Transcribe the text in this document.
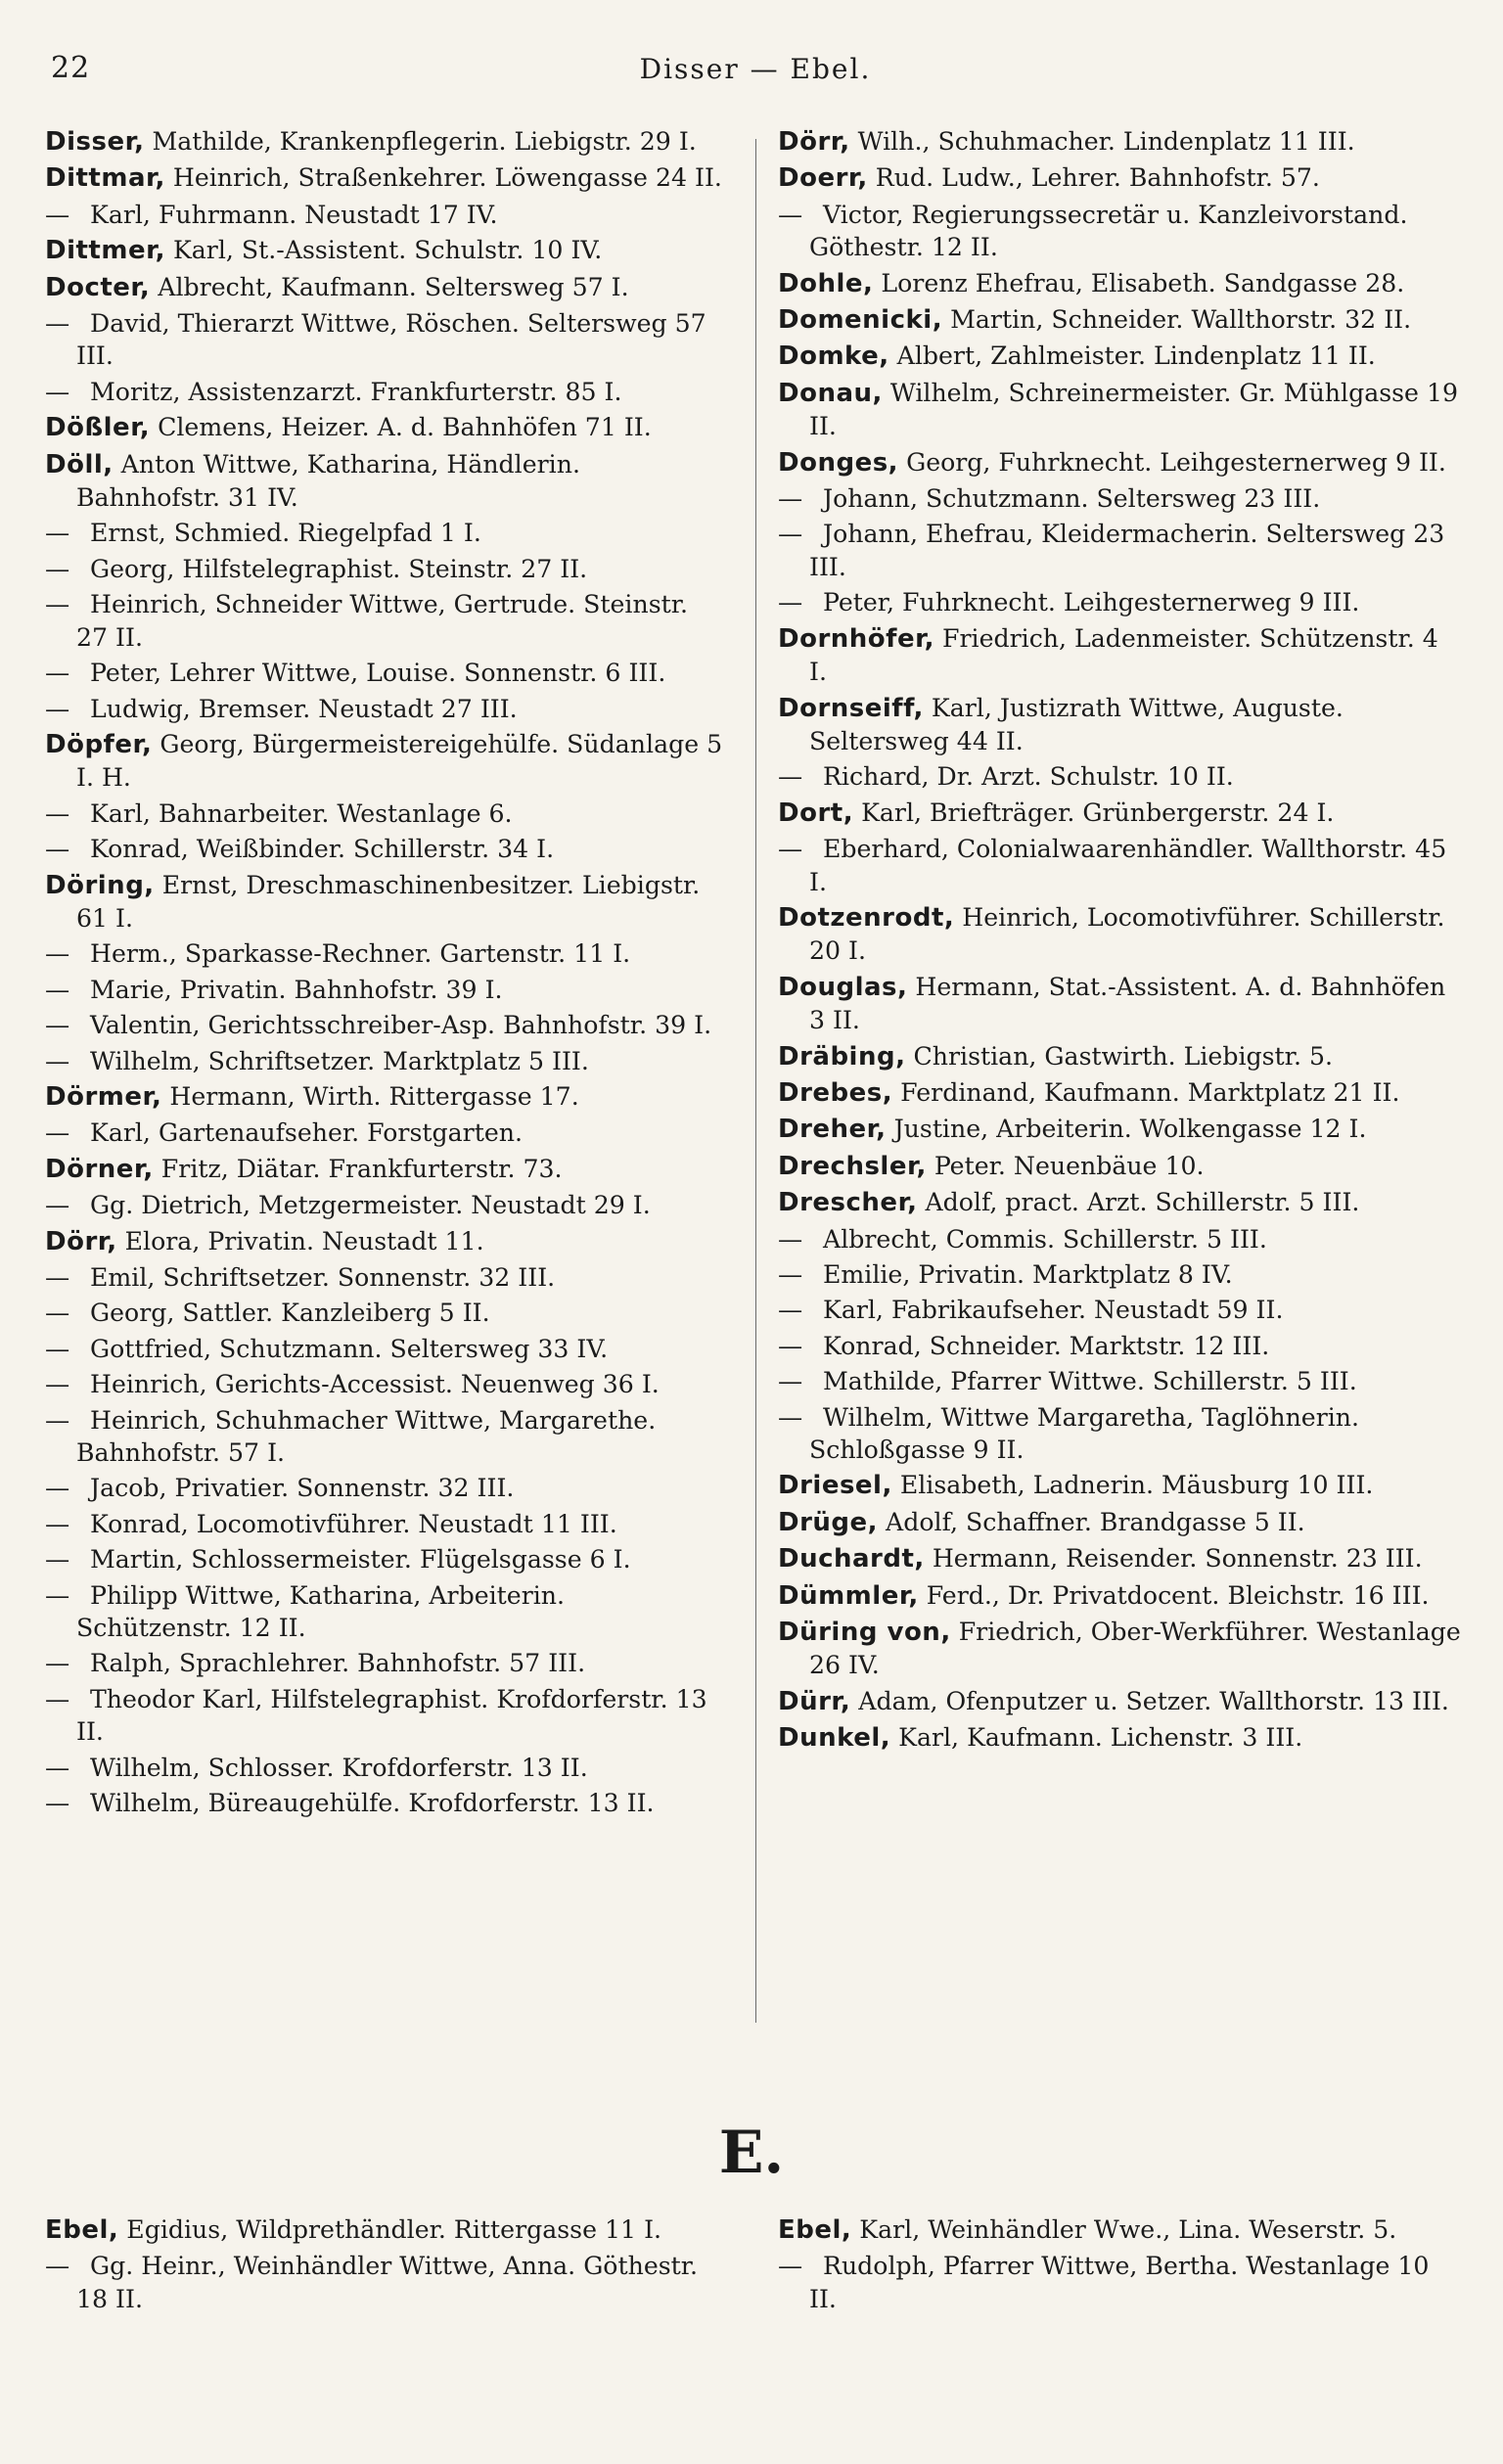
22	Disser — Ebel.
Disser, Mathilde, Krankenpflegerin. Liebigstr. 29 I.
Dittmar, Heinrich, Straßenkehrer. Löwengasse 24 II.
— Karl, Fuhrmann. Neustadt 17 IV.
Dittmer, Karl, St.-Assistent. Schulstr. 10 IV.
Docter, Albrecht, Kaufmann. Seltersweg 57 I.
— David, Thierarzt Wittwe, Röschen. Seltersweg 57 III.
— Moritz, Assistenzarzt. Frankfurterstr. 85 I.
Dößler, Clemens, Heizer. A. d. Bahnhöfen 71 II.
Döll, Anton Wittwe, Katharina, Händlerin. Bahnhofstr. 31 IV.
— Ernst, Schmied. Riegelpfad 1 I.
— Georg, Hilfstelegraphist. Steinstr. 27 II.
— Heinrich, Schneider Wittwe, Gertrude. Steinstr. 27 II.
— Peter, Lehrer Wittwe, Louise. Sonnenstr. 6 III.
— Ludwig, Bremser. Neustadt 27 III.
Döpfer, Georg, Bürgermeistereigehülfe. Südanlage 5 I. H.
— Karl, Bahnarbeiter. Westanlage 6.
— Konrad, Weißbinder. Schillerstr. 34 I.
Döring, Ernst, Dreschmaschinenbesitzer. Liebigstr. 61 I.
— Herm., Sparkasse-Rechner. Gartenstr. 11 I.
— Marie, Privatin. Bahnhofstr. 39 I.
— Valentin, Gerichtsschreiber-Asp. Bahnhofstr. 39 I.
— Wilhelm, Schriftsetzer. Marktplatz 5 III.
Dörmer, Hermann, Wirth. Rittergasse 17.
— Karl, Gartenaufseher. Forstgarten.
Dörner, Fritz, Diätar. Frankfurterstr. 73.
— Gg. Dietrich, Metzgermeister. Neustadt 29 I.
Dörr, Elora, Privatin. Neustadt 11.
— Emil, Schriftsetzer. Sonnenstr. 32 III.
— Georg, Sattler. Kanzleiberg 5 II.
— Gottfried, Schutzmann. Seltersweg 33 IV.
— Heinrich, Gerichts-Accessist. Neuenweg 36 I.
— Heinrich, Schuhmacher Wittwe, Margarethe. Bahnhofstr. 57 I.
— Jacob, Privatier. Sonnenstr. 32 III.
— Konrad, Locomotivführer. Neustadt 11 III.
— Martin, Schlossermeister. Flügelsgasse 6 I.
— Philipp Wittwe, Katharina, Arbeiterin. Schützenstr. 12 II.
— Ralph, Sprachlehrer. Bahnhofstr. 57 III.
— Theodor Karl, Hilfstelegraphist. Krofdorferstr. 13 II.
— Wilhelm, Schlosser. Krofdorferstr. 13 II.
— Wilhelm, Büreaugehülfe. Krofdorferstr. 13 II.
Dörr, Wilh., Schuhmacher. Lindenplatz 11 III.
Doerr, Rud. Ludw., Lehrer. Bahnhofstr. 57.
— Victor, Regierungssecretär u. Kanzleivorstand. Göthestr. 12 II.
Dohle, Lorenz Ehefrau, Elisabeth. Sandgasse 28.
Domenicki, Martin, Schneider. Wallthorstr. 32 II.
Domke, Albert, Zahlmeister. Lindenplatz 11 II.
Donau, Wilhelm, Schreinermeister. Gr. Mühlgasse 19 II.
Donges, Georg, Fuhrknecht. Leihgesternerweg 9 II.
— Johann, Schutzmann. Seltersweg 23 III.
— Johann, Ehefrau, Kleidermacherin. Seltersweg 23 III.
— Peter, Fuhrknecht. Leihgesternerweg 9 III.
Dornhöfer, Friedrich, Ladenmeister. Schützenstr. 4 I.
Dornseiff, Karl, Justizrath Wittwe, Auguste. Seltersweg 44 II.
— Richard, Dr. Arzt. Schulstr. 10 II.
Dort, Karl, Briefträger. Grünbergerstr. 24 I.
— Eberhard, Colonialwaarenhändler. Wallthorstr. 45 I.
Dotzenrodt, Heinrich, Locomotivführer. Schillerstr. 20 I.
Douglas, Hermann, Stat.-Assistent. A. d. Bahnhöfen 3 II.
Dräbing, Christian, Gastwirth. Liebigstr. 5.
Drebes, Ferdinand, Kaufmann. Marktplatz 21 II.
Dreher, Justine, Arbeiterin. Wolkengasse 12 I.
Drechsler, Peter. Neuenbäue 10.
Drescher, Adolf, pract. Arzt. Schillerstr. 5 III.
— Albrecht, Commis. Schillerstr. 5 III.
— Emilie, Privatin. Marktplatz 8 IV.
— Karl, Fabrikaufseher. Neustadt 59 II.
— Konrad, Schneider. Marktstr. 12 III.
— Mathilde, Pfarrer Wittwe. Schillerstr. 5 III.
— Wilhelm, Wittwe Margaretha, Taglöhnerin. Schloßgasse 9 II.
Driesel, Elisabeth, Ladnerin. Mäusburg 10 III.
Drüge, Adolf, Schaffner. Brandgasse 5 II.
Duchardt, Hermann, Reisender. Sonnenstr. 23 III.
Dümmler, Ferd., Dr. Privatdocent. Bleichstr. 16 III.
Düring von, Friedrich, Ober-Werkführer. Westanlage 26 IV.
Dürr, Adam, Ofenputzer u. Setzer. Wallthorstr. 13 III.
Dunkel, Karl, Kaufmann. Lichenstr. 3 III.
E.
Ebel, Egidius, Wildprethändler. Rittergasse 11 I.
— Gg. Heinr., Weinhändler Wittwe, Anna. Göthestr. 18 II.
Ebel, Karl, Weinhändler Wwe., Lina. Weserstr. 5.
— Rudolph, Pfarrer Wittwe, Bertha. Westanlage 10 II.
